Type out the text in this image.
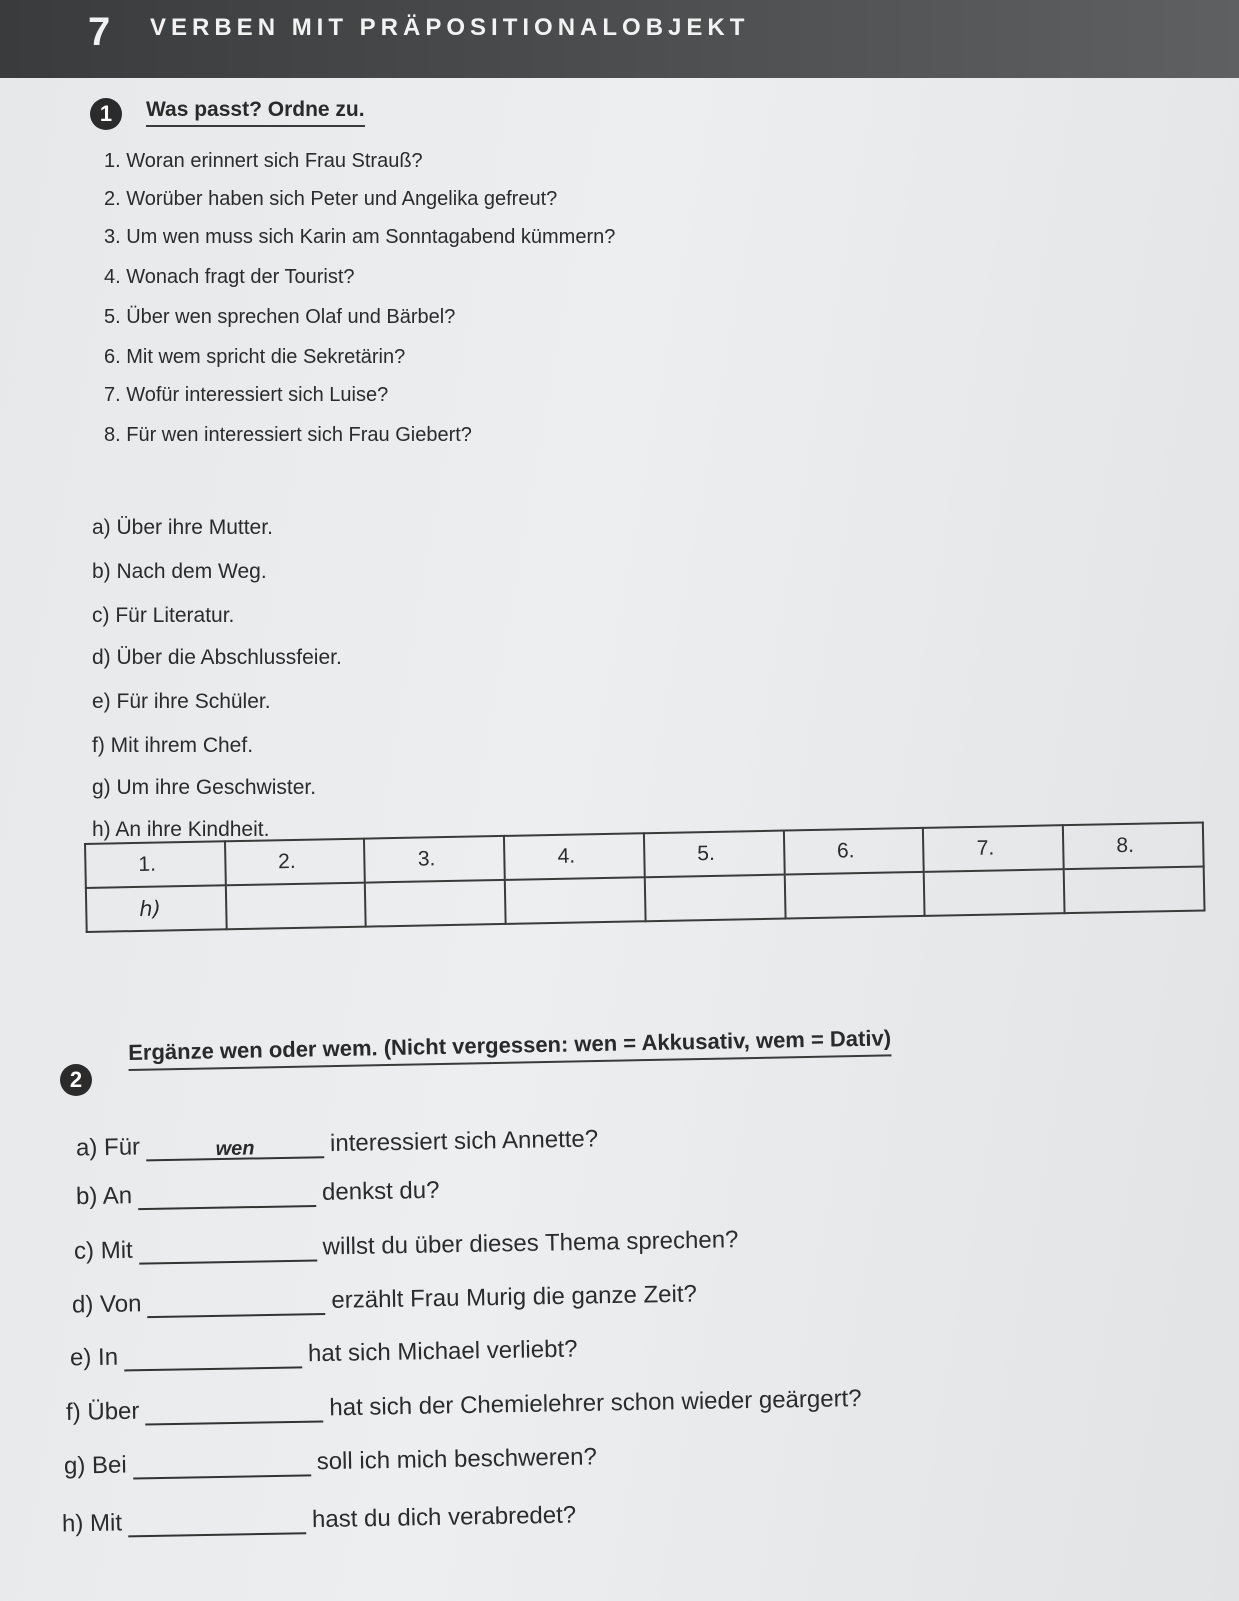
7 VERBEN MIT PRÄPOSITIONALOBJEKT
1	Was passt? Ordne zu.
1. Woran erinnert sich Frau Strauß?
2. Worüber haben sich Peter und Angelika gefreut?
3. Um wen muss sich Karin am Sonntagabend kümmern?
4. Wonach fragt der Tourist?
5. Über wen sprechen Olaf und Bärbel?
6. Mit wem spricht die Sekretärin?
7. Wofür interessiert sich Luise?
8. Für wen interessiert sich Frau Giebert?
a) Über ihre Mutter.
b) Nach dem Weg.
c) Für Literatur.
d) Über die Abschlussfeier.
e) Für ihre Schüler.
f) Mit ihrem Chef.
g) Um ihre Geschwister.
h) An ihre Kindheit.
1.	2.	3.	4.	5.	6.	7.	8.
h)							
2
Ergänze wen oder wem. (Nicht vergessen: wen = Akkusativ, wem = Dativ)
a) Für	wen	interessiert sich Annette?
b) An	denkst du?
c) Mit	willst du über dieses Thema sprechen?
d) Von	erzählt Frau Murig die ganze Zeit?
e) In	hat sich Michael verliebt?
f) Über	hat sich der Chemielehrer schon wieder geärgert?
g) Bei	soll ich mich beschweren?
h) Mit	hast du dich verabredet?
